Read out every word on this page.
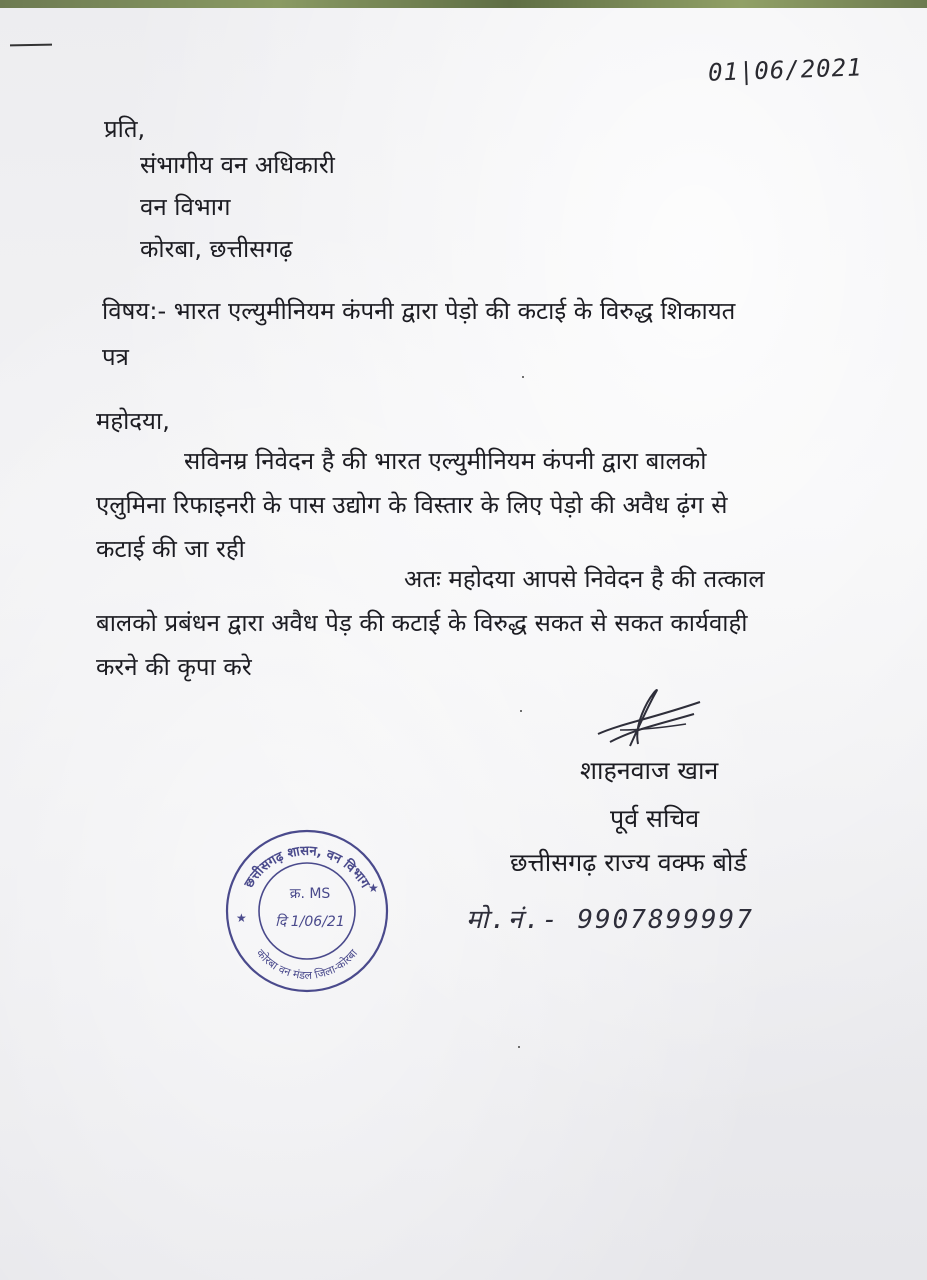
01|06/2021
प्रति,
संभागीय वन अधिकारी
वन विभाग
कोरबा, छत्तीसगढ़
विषय:- भारत एल्युमीनियम कंपनी द्वारा पेड़ो की कटाई के विरुद्ध शिकायत
पत्र
महोदया,
सविनम्र निवेदन है की भारत एल्युमीनियम कंपनी द्वारा बालको
एलुमिना रिफाइनरी के पास उद्योग के विस्तार के लिए पेड़ो की अवैध ढ़ंग से
कटाई की जा रही
अतः महोदया आपसे निवेदन है की तत्काल
बालको प्रबंधन द्वारा अवैध पेड़ की कटाई के विरुद्ध सकत से सकत कार्यवाही
करने की कृपा करे
शाहनवाज खान
पूर्व सचिव
छत्तीसगढ़ राज्य वक्फ बोर्ड
मो.नं.- 9907899997
छत्तीसगढ़ शासन, वन विभाग
कोरबा वन मंडल जिला-कोरबा
★
★
क्र. MS
दि 1/06/21
